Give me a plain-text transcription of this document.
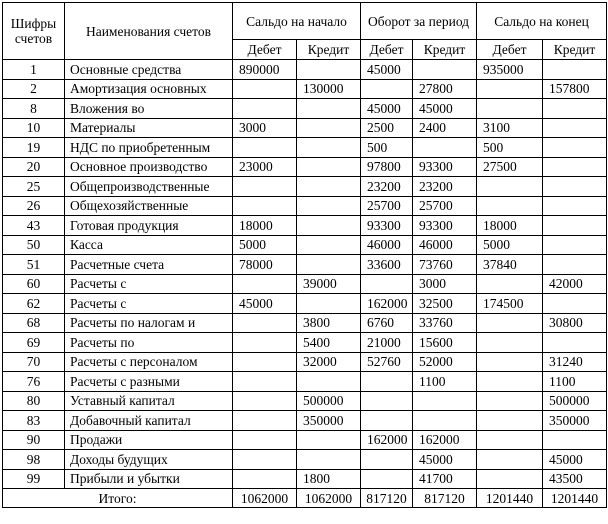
Шифры счетов	Наименования счетов	Сальдо на начало		Оборот за период		Сальдо на конец	
		Дебет	Кредит	Дебет	Кредит	Дебет	Кредит
1	Основные средства	890000		45000		935000	
2	Амортизация основных		130000		27800		157800
8	Вложения во			45000	45000		
10	Материалы	3000		2500	2400	3100	
19	НДС по приобретенным			500		500	
20	Основное производство	23000		97800	93300	27500	
25	Общепроизводственные			23200	23200		
26	Общехозяйственные			25700	25700		
43	Готовая продукция	18000		93300	93300	18000	
50	Касса	5000		46000	46000	5000	
51	Расчетные счета	78000		33600	73760	37840	
60	Расчеты с		39000		3000		42000
62	Расчеты с	45000		162000	32500	174500	
68	Расчеты по налогам и		3800	6760	33760		30800
69	Расчеты по		5400	21000	15600		
70	Расчеты с персоналом		32000	52760	52000		31240
76	Расчеты с разными				1100		1100
80	Уставный капитал		500000				500000
83	Добавочный капитал		350000				350000
90	Продажи			162000	162000		
98	Доходы будущих				45000		45000
99	Прибыли и убытки		1800		41700		43500
Итого:		1062000	1062000	817120	817120	1201440	1201440
